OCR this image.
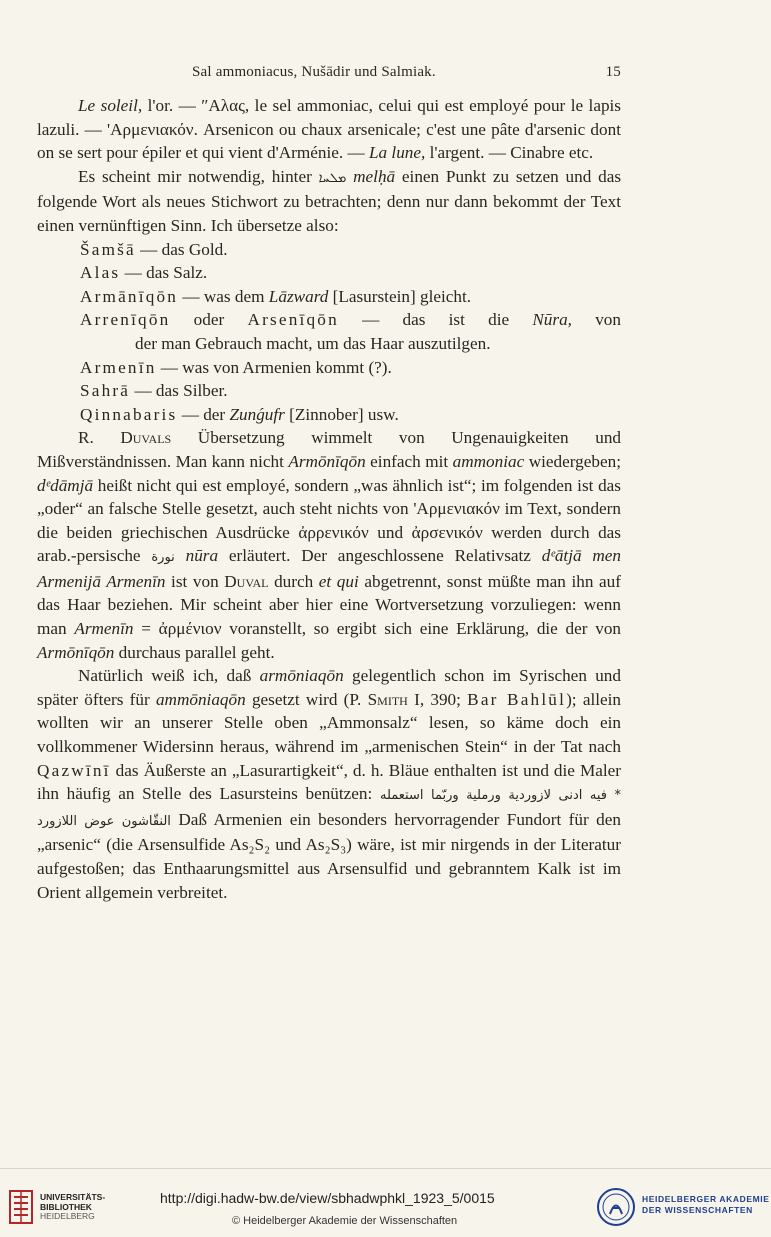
Sal ammoniacus, Nušādir und Salmiak.	15

Le soleil, l'or. — ″Αλας, le sel ammoniac, celui qui est employé pour le lapis lazuli. — 'Αρμενιακόν. Arsenicon ou chaux arsenicale; c'est une pâte d'arsenic dont on se sert pour épiler et qui vient d'Arménie. — La lune, l'argent. — Cinabre etc.

Es scheint mir notwendig, hinter ܡܠܚܐ melḥā einen Punkt zu setzen und das folgende Wort als neues Stichwort zu betrachten; denn nur dann bekommt der Text einen vernünftigen Sinn. Ich übersetze also:

Šamšā — das Gold.
Alas — das Salz.
Armānīqōn — was dem Lāzward [Lasurstein] gleicht.
Arrenīqōn oder Arsenīqōn — das ist die Nūra, von
der man Gebrauch macht, um das Haar auszutilgen.
Armenīn — was von Armenien kommt (?).
Sahrā — das Silber.
Qinnabaris — der Zunǵufr [Zinnober] usw.

R. Duvals Übersetzung wimmelt von Ungenauigkeiten und Mißverständnissen. Man kann nicht Armōnīqōn einfach mit ammoniac wiedergeben; dᵉdāmjā heißt nicht qui est employé, sondern „was ähnlich ist“; im folgenden ist das „oder“ an falsche Stelle gesetzt, auch steht nichts von 'Αρμενιακόν im Text, sondern die beiden griechischen Ausdrücke ἀρρενικόν und ἀρσενικόν werden durch das arab.-persische نورة nūra erläutert. Der angeschlossene Relativsatz dᵉātjā men Armenijā Armenīn ist von Duval durch et qui abgetrennt, sonst müßte man ihn auf das Haar beziehen. Mir scheint aber hier eine Wortversetzung vorzuliegen: wenn man Armenīn = ἀρμένιον voranstellt, so ergibt sich eine Erklärung, die der von Armōnīqōn durchaus parallel geht.

Natürlich weiß ich, daß armōniaqōn gelegentlich schon im Syrischen und später öfters für ammōniaqōn gesetzt wird (P. Smith I, 390; Bar Bahlūl); allein wollten wir an unserer Stelle oben „Ammonsalz“ lesen, so käme doch ein vollkommener Widersinn heraus, während im „armenischen Stein“ in der Tat nach Qazwīnī das Äußerste an „Lasurartigkeit“, d. h. Bläue enthalten ist und die Maler ihn häufig an Stelle des Lasursteins benützen: * فيه ادنى لازوردية ورملية وربّما استعمله النقّاشون عوض اللازورد Daß Armenien ein besonders hervorragender Fundort für den „arsenic“ (die Arsensulfide As₂S₂ und As₂S₃) wäre, ist mir nirgends in der Literatur aufgestoßen; das Enthaarungsmittel aus Arsensulfid und gebranntem Kalk ist im Orient allgemein verbreitet.

UNIVERSITÄTS-
BIBLIOTHEK
HEIDELBERG
http://digi.hadw-bw.de/view/sbhadwphkl_1923_5/0015
© Heidelberger Akademie der Wissenschaften
HEIDELBERGER AKADEMIE
DER WISSENSCHAFTEN
